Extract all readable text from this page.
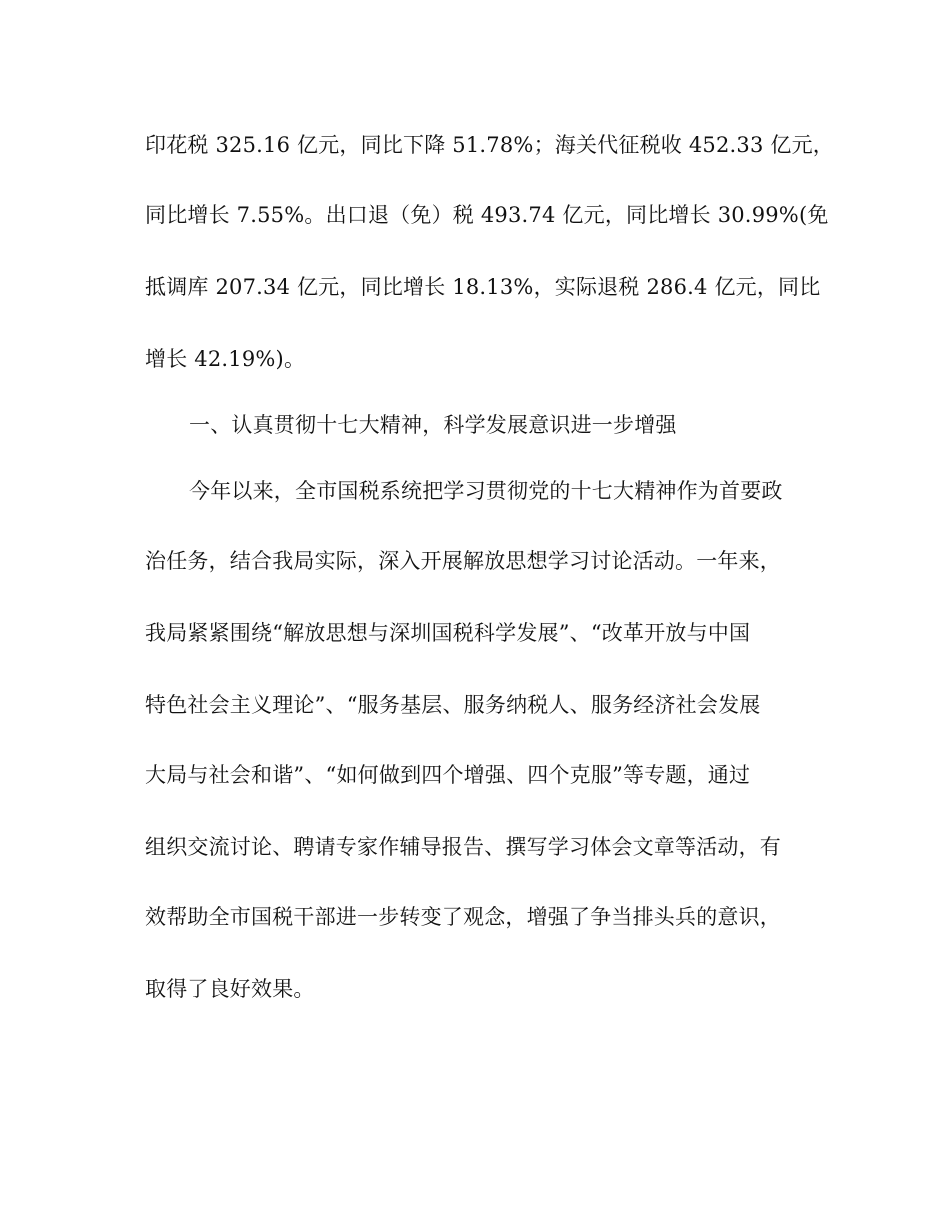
印花税 325.16 亿元，同比下降 51.78%；海关代征税收 452.33 亿元，
同比增长 7.55%。出口退（免）税 493.74 亿元，同比增长 30.99%(免
抵调库 207.34 亿元，同比增长 18.13%，实际退税 286.4 亿元，同比
增长 42.19%)。
一、认真贯彻十七大精神，科学发展意识进一步增强
今年以来，全市国税系统把学习贯彻党的十七大精神作为首要政
治任务，结合我局实际，深入开展解放思想学习讨论活动。一年来，
我局紧紧围绕“解放思想与深圳国税科学发展”、“改革开放与中国
特色社会主义理论”、“服务基层、服务纳税人、服务经济社会发展
大局与社会和谐”、“如何做到四个增强、四个克服”等专题，通过
组织交流讨论、聘请专家作辅导报告、撰写学习体会文章等活动，有
效帮助全市国税干部进一步转变了观念，增强了争当排头兵的意识，
取得了良好效果。
